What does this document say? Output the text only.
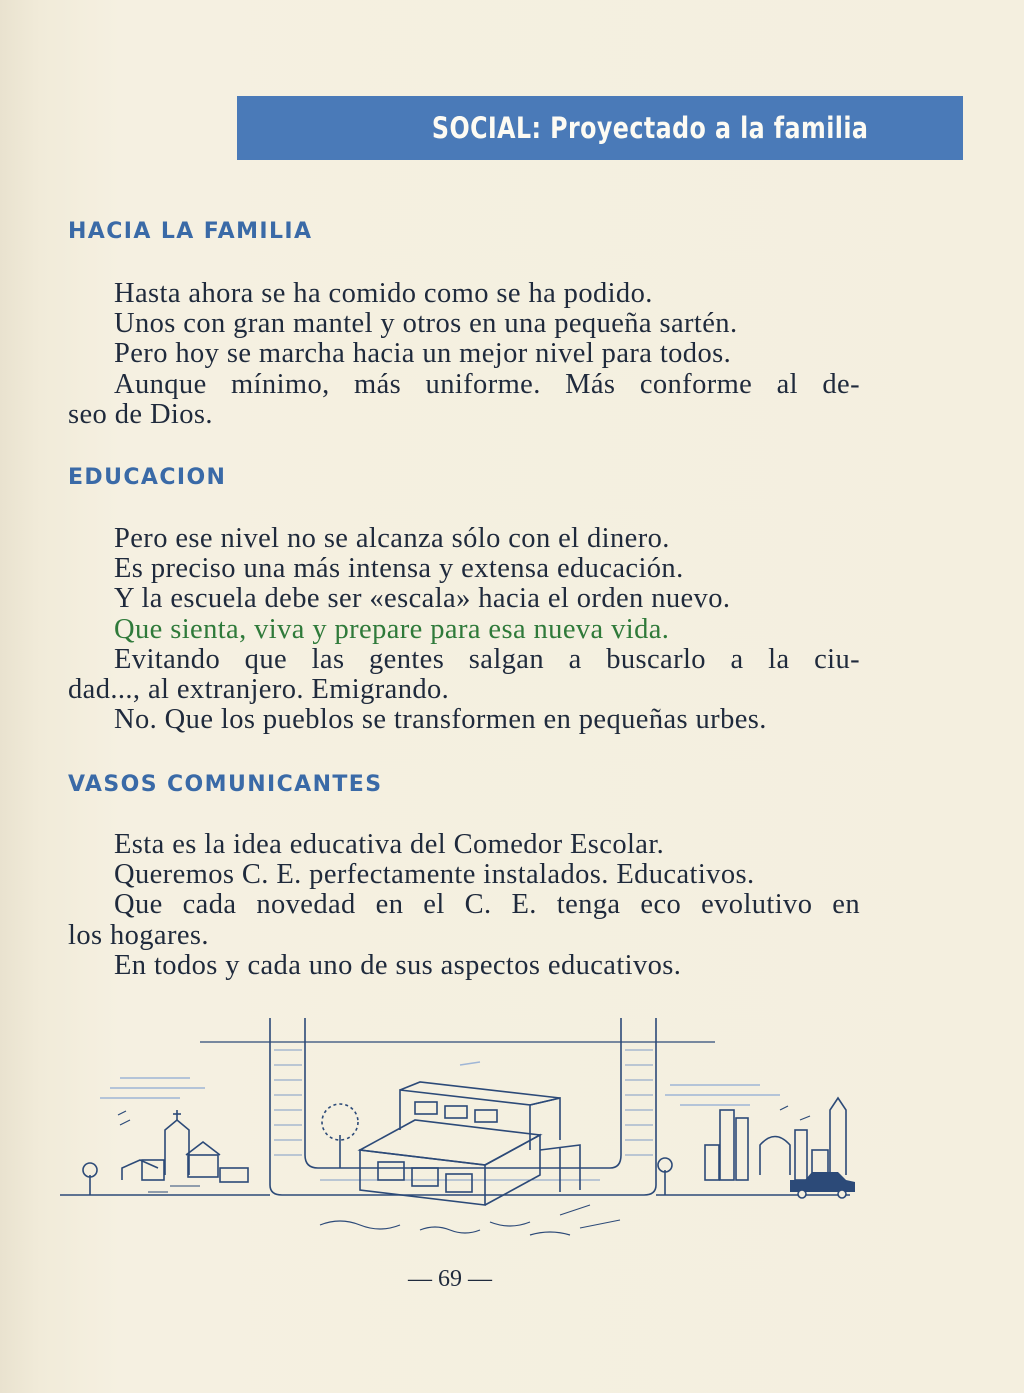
SOCIAL: Proyectado a la familia
HACIA LA FAMILIA
Hasta ahora se ha comido como se ha podido.
Unos con gran mantel y otros en una pequeña sartén.
Pero hoy se marcha hacia un mejor nivel para todos.
Aunque mínimo, más uniforme. Más conforme al de-
seo de Dios.
EDUCACION
Pero ese nivel no se alcanza sólo con el dinero.
Es preciso una más intensa y extensa educación.
Y la escuela debe ser «escala» hacia el orden nuevo.
Que sienta, viva y prepare para esa nueva vida.
Evitando que las gentes salgan a buscarlo a la ciu-
dad..., al extranjero. Emigrando.
No. Que los pueblos se transformen en pequeñas urbes.
VASOS COMUNICANTES
Esta es la idea educativa del Comedor Escolar.
Queremos C. E. perfectamente instalados. Educativos.
Que cada novedad en el C. E. tenga eco evolutivo en
los hogares.
En todos y cada uno de sus aspectos educativos.
— 69 —
